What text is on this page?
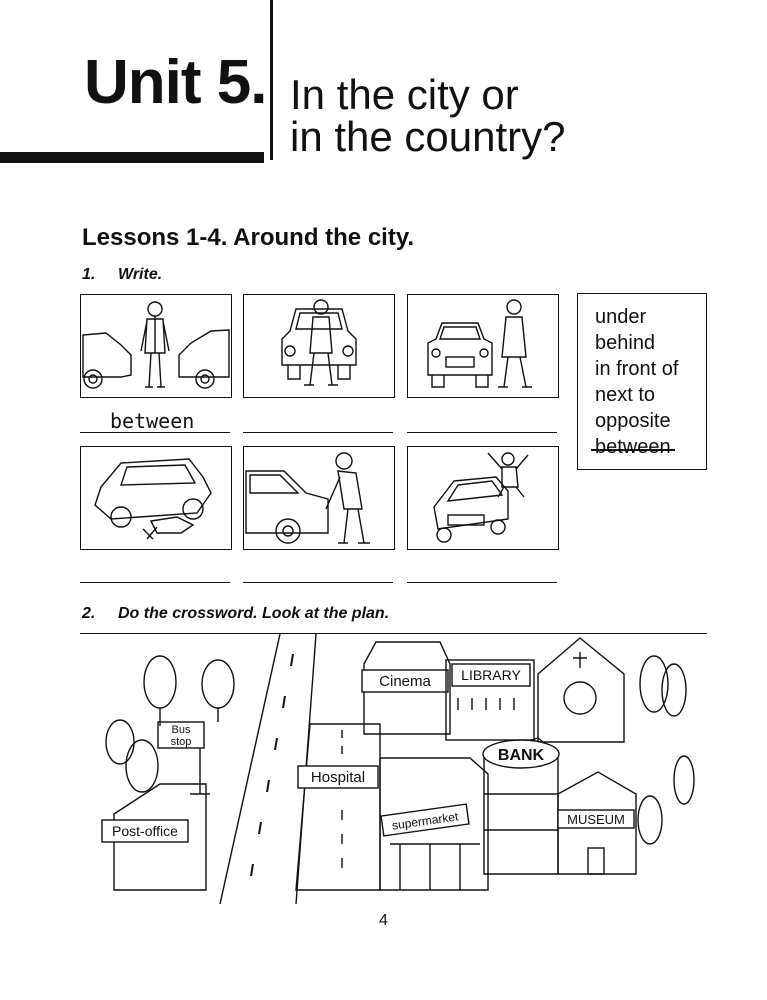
Unit 5. In the city or
in the country?
Lessons 1-4. Around the city.
1. Write.
between
under
behind
in front of
next to
opposite
between
2. Do the crossword. Look at the plan.
Bus
stop
Post-office
Hospital
Cinema LIBRARY
supermarket
BANK
MUSEUM
4
